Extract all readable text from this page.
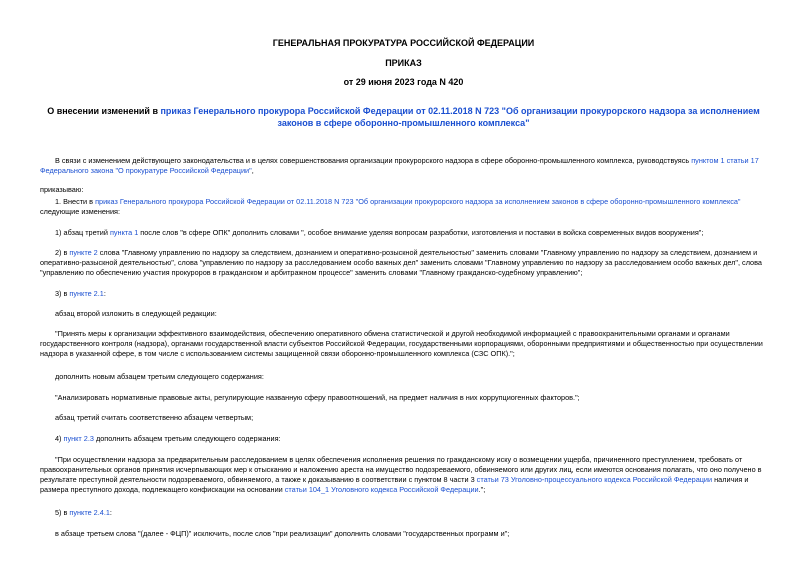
ГЕНЕРАЛЬНАЯ ПРОКУРАТУРА РОССИЙСКОЙ ФЕДЕРАЦИИ
ПРИКАЗ
от 29 июня 2023 года N 420
О внесении изменений в приказ Генерального прокурора Российской Федерации от 02.11.2018 N 723 "Об организации прокурорского надзора за исполнением
законов в сфере оборонно-промышленного комплекса"
В связи с изменением действующего законодательства и в целях совершенствования организации прокурорского надзора в сфере оборонно-промышленного комплекса, руководствуясь пунктом 1 статьи 17
Федерального закона "О прокуратуре Российской Федерации",
приказываю:
1. Внести в приказ Генерального прокурора Российской Федерации от 02.11.2018 N 723 "Об организации прокурорского надзора за исполнением законов в сфере оборонно-промышленного комплекса"
следующие изменения:
1) абзац третий пункта 1 после слов "в сфере ОПК" дополнить словами ", особое внимание уделяя вопросам разработки, изготовления и поставки в войска современных видов вооружения";
2) в пункте 2 слова "Главному управлению по надзору за следствием, дознанием и оперативно-розыскной деятельностью" заменить словами "Главному управлению по надзору за следствием, дознанием и
оперативно-разыскной деятельностью", слова "управлению по надзору за расследованием особо важных дел" заменить словами "Главному управлению по надзору за расследованием особо важных дел", слова
"управлению по обеспечению участия прокуроров в гражданском и арбитражном процессе" заменить словами "Главному гражданско-судебному управлению";
3) в пункте 2.1:
абзац второй изложить в следующей редакции:
"Принять меры к организации эффективного взаимодействия, обеспечению оперативного обмена статистической и другой необходимой информацией с правоохранительными органами и органами
государственного контроля (надзора), органами государственной власти субъектов Российской Федерации, государственными корпорациями, оборонными предприятиями и общественностью при осуществлении
надзора в указанной сфере, в том числе с использованием системы защищенной связи оборонно-промышленного комплекса (СЗС ОПК).";
дополнить новым абзацем третьим следующего содержания:
"Анализировать нормативные правовые акты, регулирующие названную сферу правоотношений, на предмет наличия в них коррупциогенных факторов.";
абзац третий считать соответственно абзацем четвертым;
4) пункт 2.3 дополнить абзацем третьим следующего содержания:
"При осуществлении надзора за предварительным расследованием в целях обеспечения исполнения решения по гражданскому иску о возмещении ущерба, причиненного преступлением, требовать от
правоохранительных органов принятия исчерпывающих мер к отысканию и наложению ареста на имущество подозреваемого, обвиняемого или других лиц, если имеются основания полагать, что оно получено в
результате преступной деятельности подозреваемого, обвиняемого, а также к доказыванию в соответствии с пунктом 8 части 3 статьи 73 Уголовно-процессуального кодекса Российской Федерации наличия и
размера преступного дохода, подлежащего конфискации на основании статьи 104_1 Уголовного кодекса Российской Федерации.";
5) в пункте 2.4.1:
в абзаце третьем слова "(далее - ФЦП)" исключить, после слов "при реализации" дополнить словами "государственных программ и";
